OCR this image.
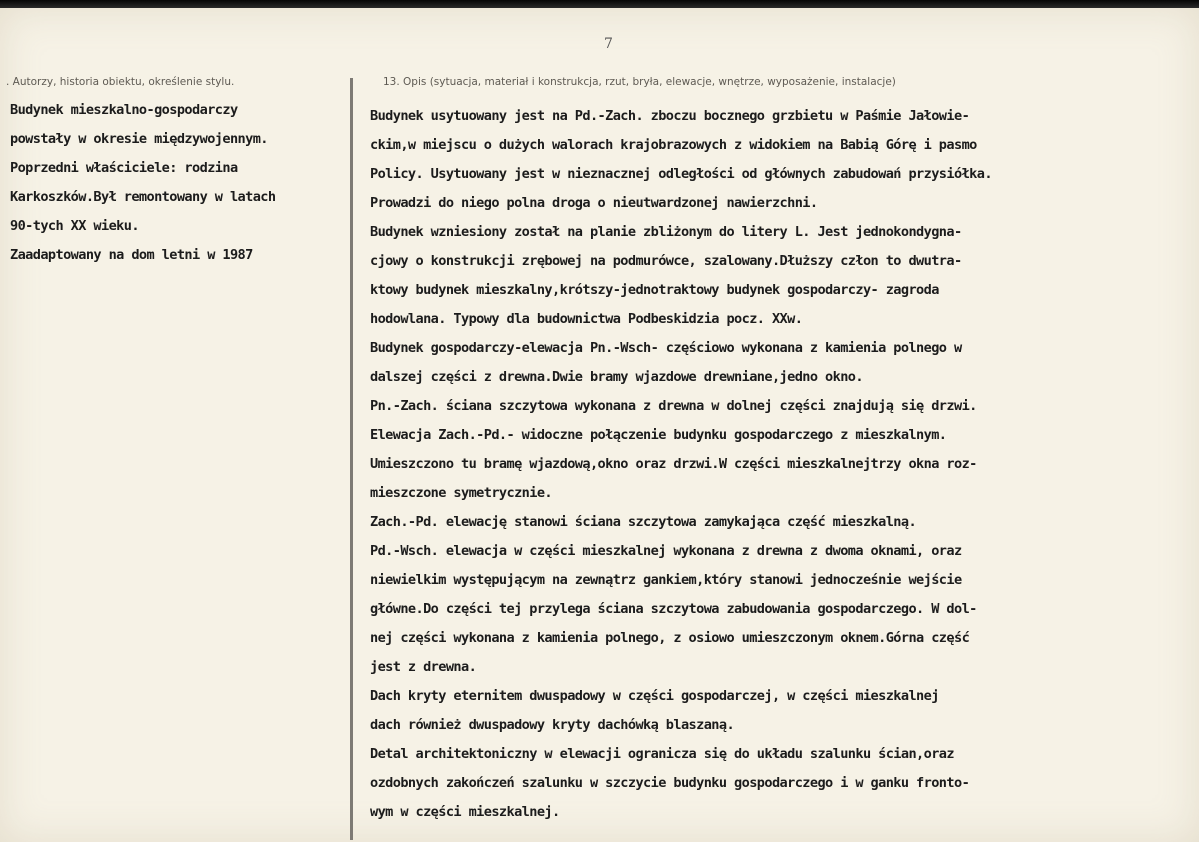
7
. Autorzy, historia obiektu, określenie stylu.	13. Opis (sytuacja, materiał i konstrukcja, rzut, bryła, elewacje, wnętrze, wyposażenie, instalacje)
Budynek mieszkalno-gospodarczy
powstały w okresie międzywojennym.
Poprzedni właściciele: rodzina
Karkoszków.Był remontowany w latach
90-tych XX wieku.
Zaadaptowany na dom letni w 1987
Budynek usytuowany jest na Pd.-Zach. zboczu bocznego grzbietu w Paśmie Jałowie-
ckim,w miejscu o dużych walorach krajobrazowych z widokiem na Babią Górę i pasmo
Policy. Usytuowany jest w nieznacznej odległości od głównych zabudowań przysiółka.
Prowadzi do niego polna droga o nieutwardzonej nawierzchni.
Budynek wzniesiony został na planie zbliżonym do litery L. Jest jednokondygna-
cjowy o konstrukcji zrębowej na podmurówce, szalowany.Dłuższy człon to dwutra-
ktowy budynek mieszkalny,krótszy-jednotraktowy budynek gospodarczy- zagroda
hodowlana. Typowy dla budownictwa Podbeskidzia pocz. XXw.
Budynek gospodarczy-elewacja Pn.-Wsch- częściowo wykonana z kamienia polnego w
dalszej części z drewna.Dwie bramy wjazdowe drewniane,jedno okno.
Pn.-Zach. ściana szczytowa wykonana z drewna w dolnej części znajdują się drzwi.
Elewacja Zach.-Pd.- widoczne połączenie budynku gospodarczego z mieszkalnym.
Umieszczono tu bramę wjazdową,okno oraz drzwi.W części mieszkalnejtrzy okna roz-
mieszczone symetrycznie.
Zach.-Pd. elewację stanowi ściana szczytowa zamykająca część mieszkalną.
Pd.-Wsch. elewacja w części mieszkalnej wykonana z drewna z dwoma oknami, oraz
niewielkim występującym na zewnątrz gankiem,który stanowi jednocześnie wejście
główne.Do części tej przylega ściana szczytowa zabudowania gospodarczego. W dol-
nej części wykonana z kamienia polnego, z osiowo umieszczonym oknem.Górna część
jest z drewna.
Dach kryty eternitem dwuspadowy w części gospodarczej, w części mieszkalnej
dach również dwuspadowy kryty dachówką blaszaną.
Detal architektoniczny w elewacji ogranicza się do układu szalunku ścian,oraz
ozdobnych zakończeń szalunku w szczycie budynku gospodarczego i w ganku fronto-
wym w części mieszkalnej.
